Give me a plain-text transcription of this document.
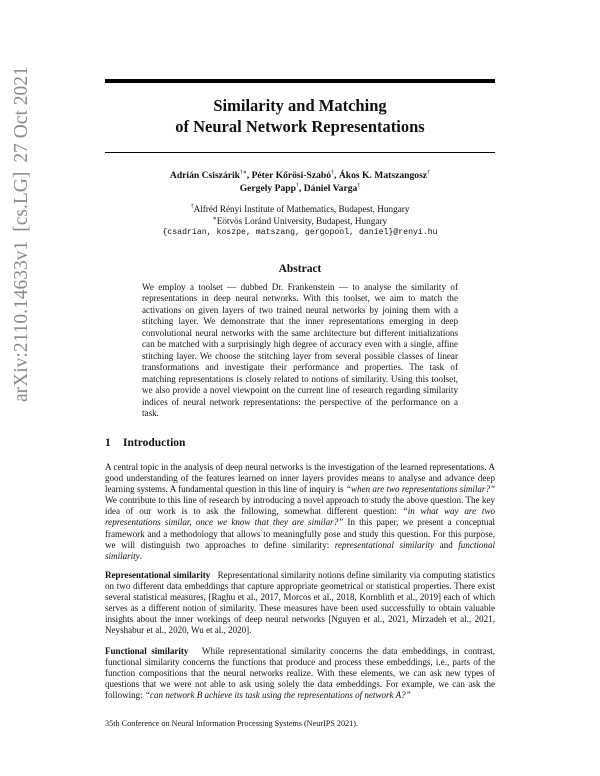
arXiv:2110.14633v1[cs.LG]27 Oct 2021	Similarity and Matching
of Neural Network Representations
Adrián Csiszárik†⋄, Péter Kőrösi-Szabó†, Ákos K. Matszangosz†
Gergely Papp†, Dániel Varga†
†Alfréd Rényi Institute of Mathematics, Budapest, Hungary
⋄Eötvös Loránd University, Budapest, Hungary
{csadrian, koszpe, matszang, gergopool, daniel}@renyi.hu
Abstract
We employ a toolset — dubbed Dr. Frankenstein — to analyse the similarity of representations in deep neural networks. With this toolset, we aim to match the activations on given layers of two trained neural networks by joining them with a stitching layer. We demonstrate that the inner representations emerging in deep convolutional neural networks with the same architecture but different initializations can be matched with a surprisingly high degree of accuracy even with a single, affine stitching layer. We choose the stitching layer from several possible classes of linear transformations and investigate their performance and properties. The task of matching representations is closely related to notions of similarity. Using this toolset, we also provide a novel viewpoint on the current line of research regarding similarity indices of neural network representations: the perspective of the performance on a task.
1 Introduction
A central topic in the analysis of deep neural networks is the investigation of the learned representations. A good understanding of the features learned on inner layers provides means to analyse and advance deep learning systems. A fundamental question in this line of inquiry is “when are two representations similar?” We contribute to this line of research by introducing a novel approach to study the above question. The key idea of our work is to ask the following, somewhat different question: “in what way are two representations similar, once we know that they are similar?” In this paper, we present a conceptual framework and a methodology that allows to meaningfully pose and study this question. For this purpose, we will distinguish two approaches to define similarity: representational similarity and functional similarity.
Representational similarity Representational similarity notions define similarity via computing statistics on two different data embeddings that capture appropriate geometrical or statistical properties. There exist several statistical measures, [Raghu et al., 2017, Morcos et al., 2018, Kornblith et al., 2019] each of which serves as a different notion of similarity. These measures have been used successfully to obtain valuable insights about the inner workings of deep neural networks [Nguyen et al., 2021, Mirzadeh et al., 2021, Neyshabur et al., 2020, Wu et al., 2020].
Functional similarity While representational similarity concerns the data embeddings, in contrast, functional similarity concerns the functions that produce and process these embeddings, i.e., parts of the function compositions that the neural networks realize. With these elements, we can ask new types of questions that we were not able to ask using solely the data embeddings. For example, we can ask the following: “can network B achieve its task using the representations of network A?”
35th Conference on Neural Information Processing Systems (NeurIPS 2021).
